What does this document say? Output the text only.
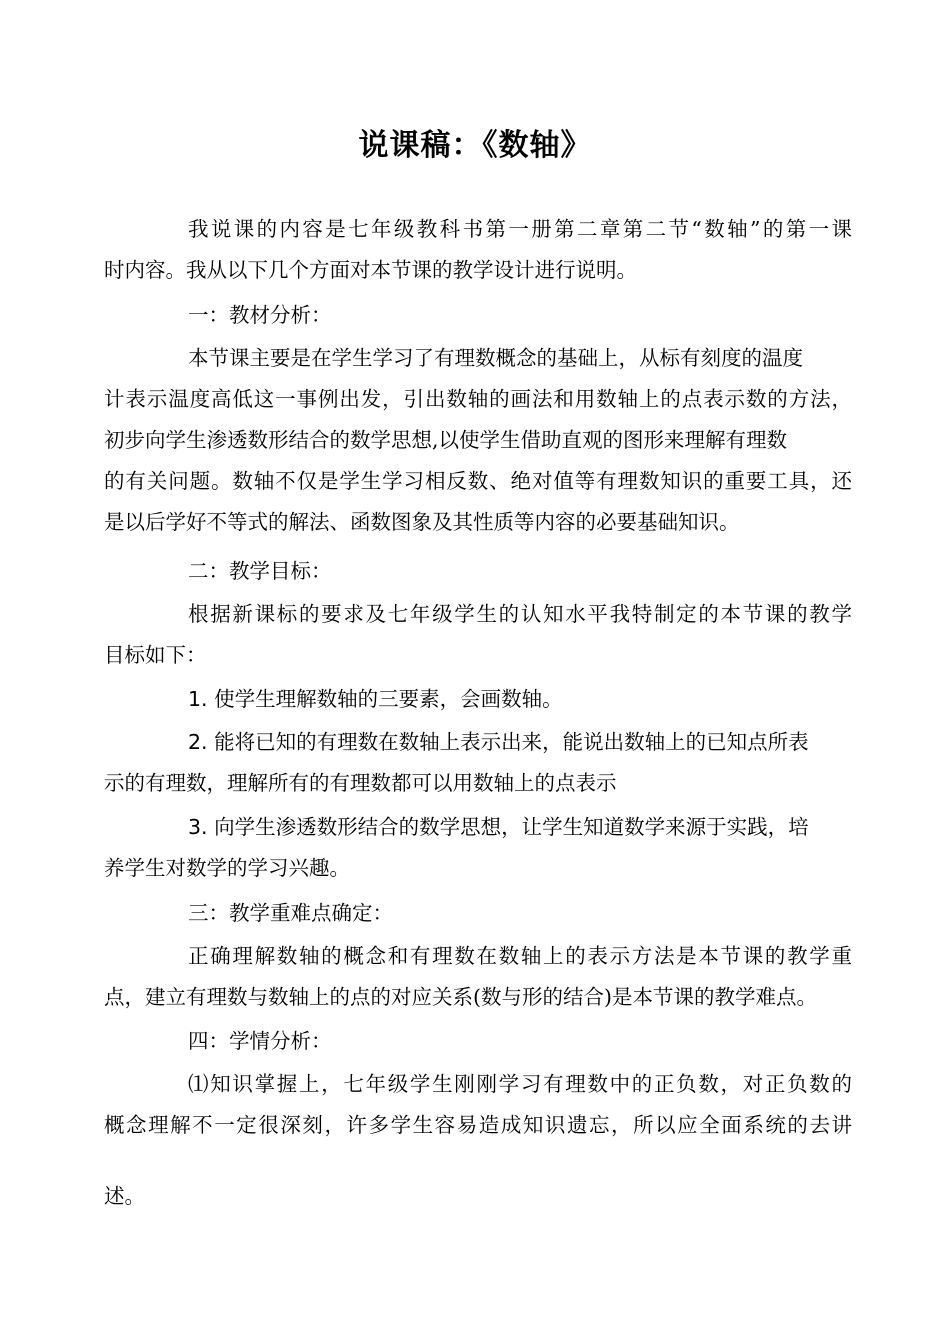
说课稿：《数轴》
我说课的内容是七年级教科书第一册第二章第二节“数轴”的第一课
时内容。我从以下几个方面对本节课的教学设计进行说明。
一：教材分析：
本节课主要是在学生学习了有理数概念的基础上，从标有刻度的温度
计表示温度高低这一事例出发，引出数轴的画法和用数轴上的点表示数的方法，
初步向学生渗透数形结合的数学思想,以使学生借助直观的图形来理解有理数
的有关问题。数轴不仅是学生学习相反数、绝对值等有理数知识的重要工具，还
是以后学好不等式的解法、函数图象及其性质等内容的必要基础知识。
二：教学目标：
根据新课标的要求及七年级学生的认知水平我特制定的本节课的教学
目标如下：
1. 使学生理解数轴的三要素，会画数轴。
2. 能将已知的有理数在数轴上表示出来，能说出数轴上的已知点所表
示的有理数，理解所有的有理数都可以用数轴上的点表示
3. 向学生渗透数形结合的数学思想，让学生知道数学来源于实践，培
养学生对数学的学习兴趣。
三：教学重难点确定：
正确理解数轴的概念和有理数在数轴上的表示方法是本节课的教学重
点，建立有理数与数轴上的点的对应关系(数与形的结合)是本节课的教学难点。
四：学情分析：
⑴知识掌握上，七年级学生刚刚学习有理数中的正负数，对正负数的
概念理解不一定很深刻，许多学生容易造成知识遗忘，所以应全面系统的去讲
述。
